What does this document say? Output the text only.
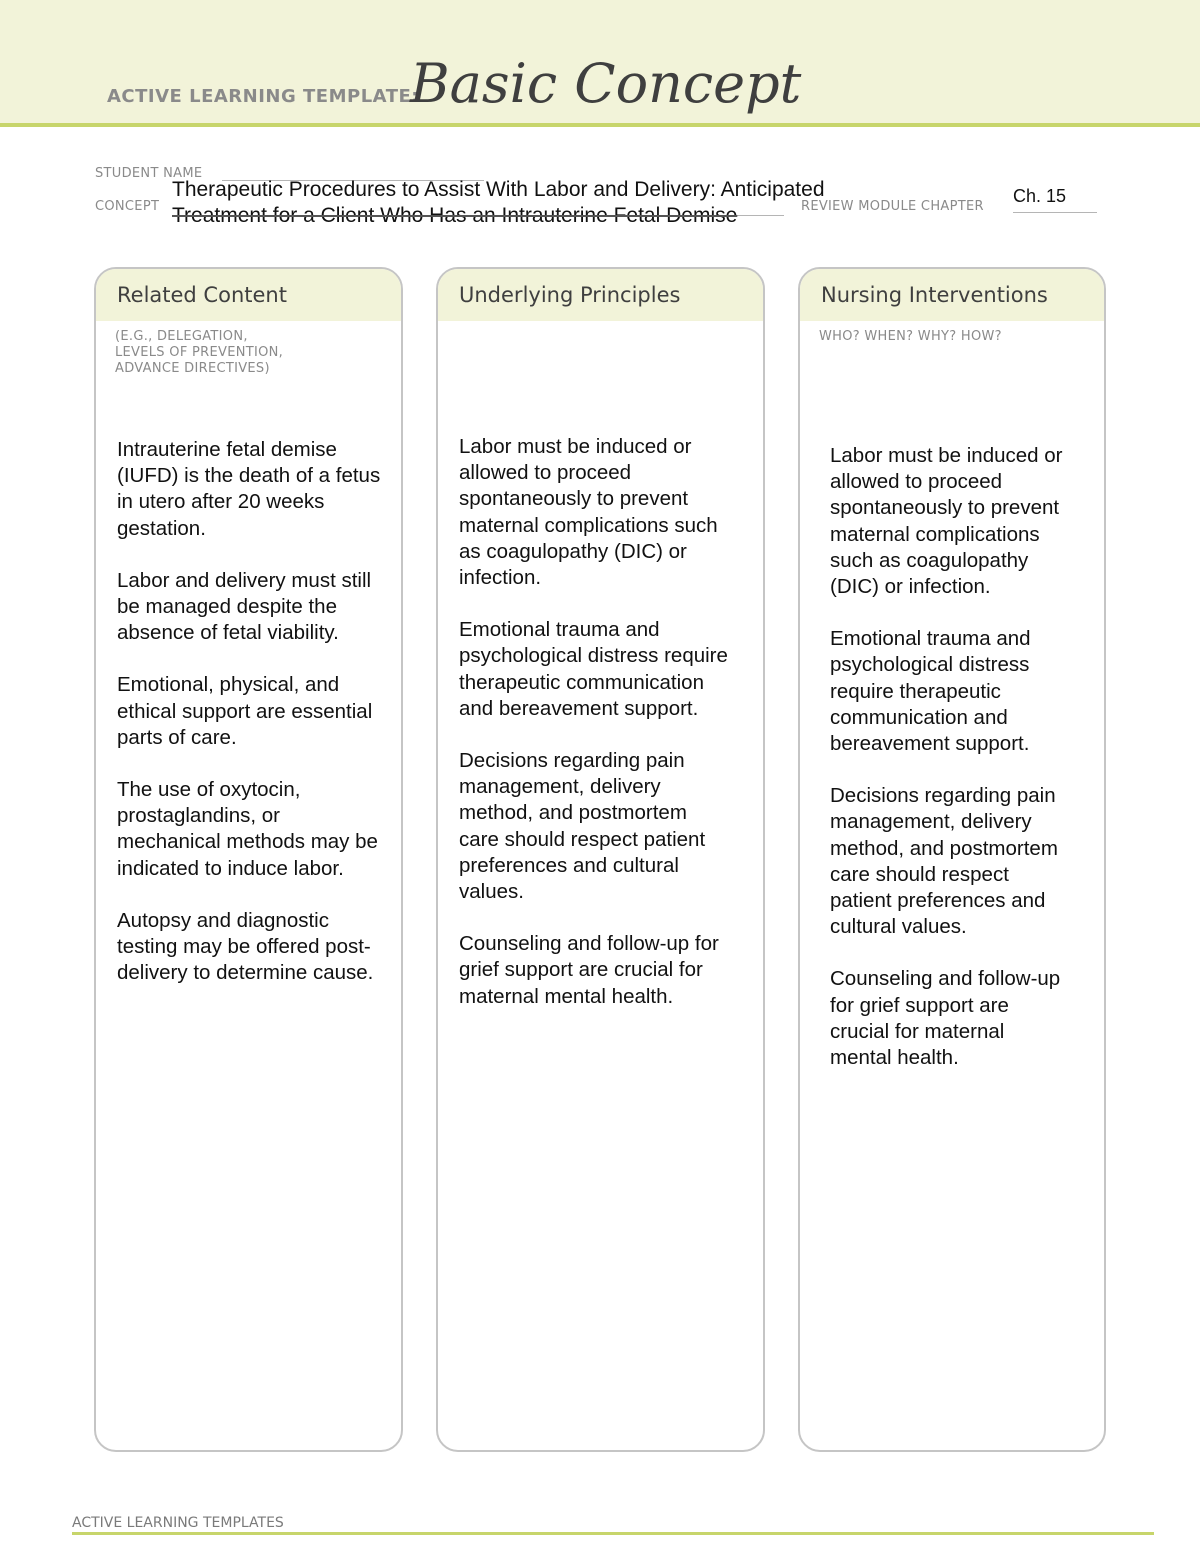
ACTIVE LEARNING TEMPLATE:
Basic Concept
STUDENT NAME
CONCEPT
Therapeutic Procedures to Assist With Labor and Delivery: Anticipated
Treatment for a Client Who Has an Intrauterine Fetal Demise	REVIEW MODULE CHAPTER
Ch. 15
Related Content
(E.G., DELEGATION,
LEVELS OF PREVENTION,
ADVANCE DIRECTIVES)

Intrauterine fetal demise (IUFD) is the death of a fetus in utero after 20 weeks gestation.

Labor and delivery must still be managed despite the absence of fetal viability.

Emotional, physical, and ethical support are essential parts of care.

The use of oxytocin, prostaglandins, or mechanical methods may be indicated to induce labor.

Autopsy and diagnostic testing may be offered post-delivery to determine cause.

Underlying Principles

Labor must be induced or allowed to proceed spontaneously to prevent maternal complications such as coagulopathy (DIC) or infection.

Emotional trauma and psychological distress require therapeutic communication and bereavement support.

Decisions regarding pain management, delivery method, and postmortem care should respect patient preferences and cultural values.

Counseling and follow-up for grief support are crucial for maternal mental health.

Nursing Interventions
WHO? WHEN? WHY? HOW?

Labor must be induced or allowed to proceed spontaneously to prevent maternal complications such as coagulopathy (DIC) or infection.

Emotional trauma and psychological distress require therapeutic communication and bereavement support.

Decisions regarding pain management, delivery method, and postmortem care should respect patient preferences and cultural values.

Counseling and follow-up for grief support are crucial for maternal mental health.

ACTIVE LEARNING TEMPLATES
